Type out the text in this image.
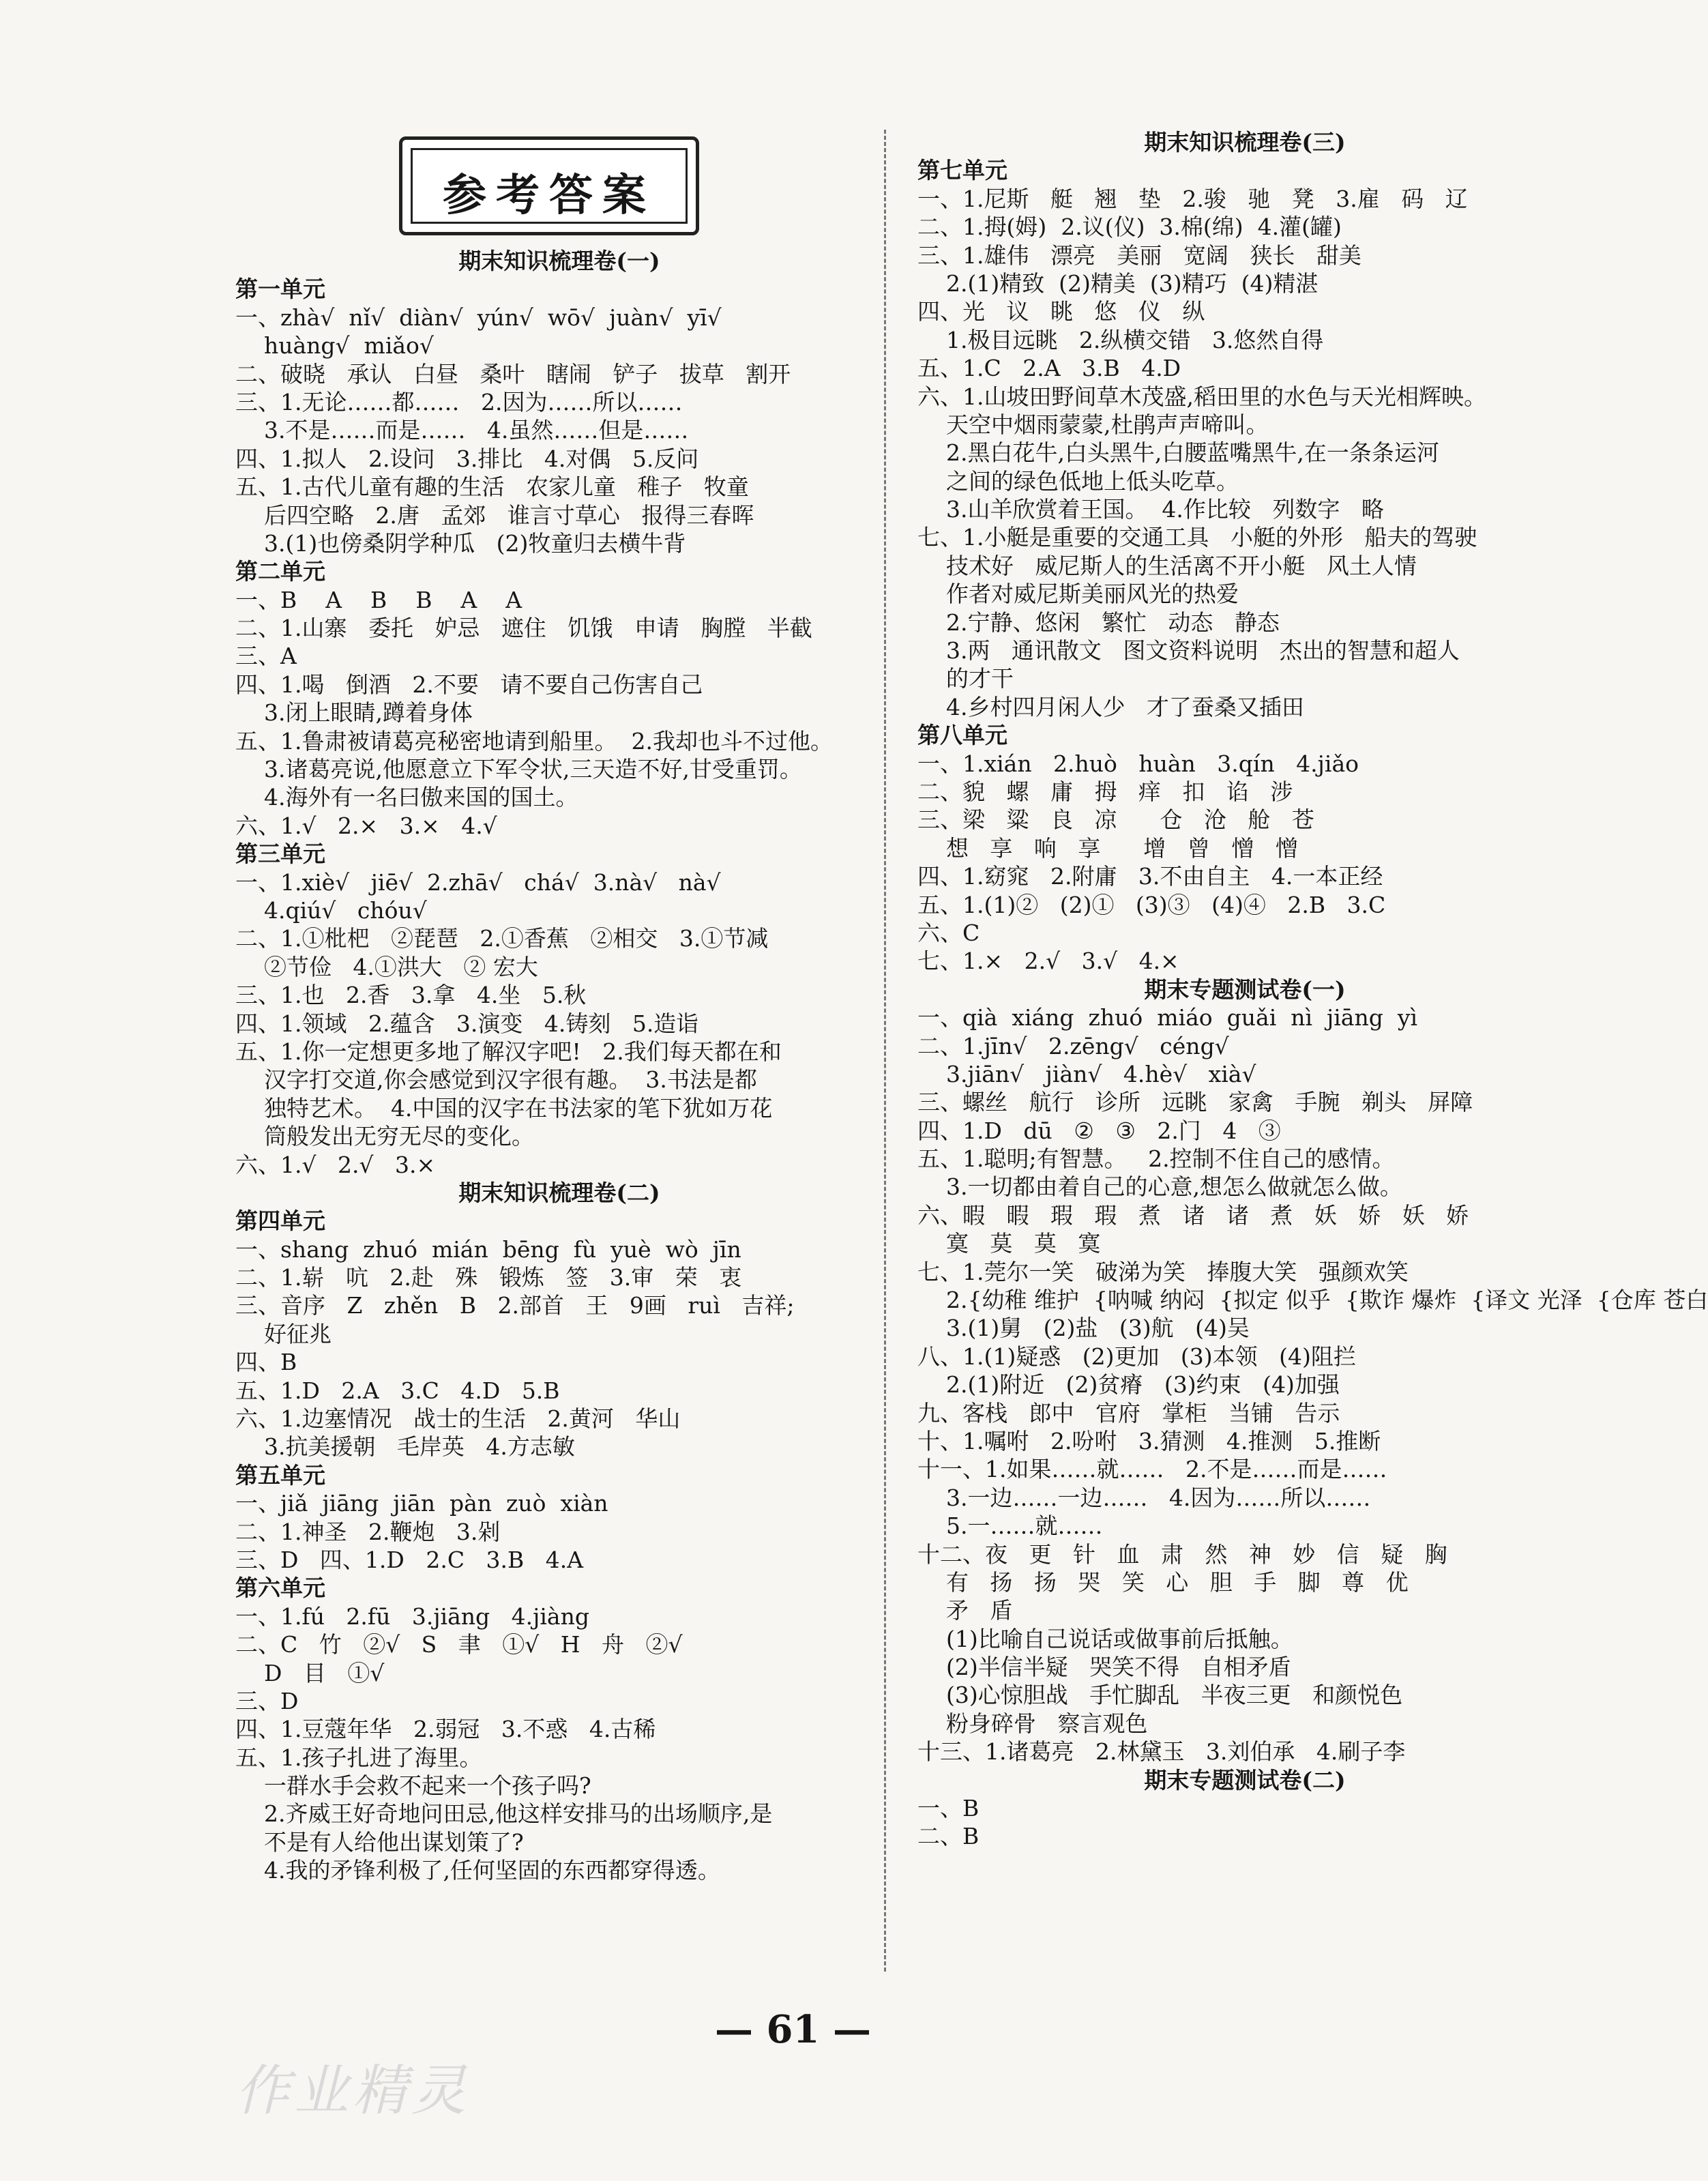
参考答案
期末知识梳理卷(一)
第一单元
一、zhà√  nǐ√  diàn√  yún√  wō√  juàn√  yī√
huàng√  miǎo√
二、破晓   承认   白昼   桑叶   瞎闹   铲子   拔草   割开
三、1.无论……都……   2.因为……所以……
3.不是……而是……   4.虽然……但是……
四、1.拟人   2.设问   3.排比   4.对偶   5.反问
五、1.古代儿童有趣的生活   农家儿童   稚子   牧童
后四空略   2.唐   孟郊   谁言寸草心   报得三春晖
3.(1)也傍桑阴学种瓜   (2)牧童归去横牛背
第二单元
一、B    A    B    B    A    A
二、1.山寨   委托   妒忌   遮住   饥饿   申请   胸膛   半截
三、A
四、1.喝   倒酒   2.不要   请不要自己伤害自己
3.闭上眼睛,蹲着身体
五、1.鲁肃被请葛亮秘密地请到船里。  2.我却也斗不过他。
3.诸葛亮说,他愿意立下军令状,三天造不好,甘受重罚。
4.海外有一名曰傲来国的国土。
六、1.√   2.×   3.×   4.√
第三单元
一、1.xiè√   jiē√  2.zhā√   chá√  3.nà√   nà√
4.qiú√   chóu√
二、1.①枇杷   ②琵琶   2.①香蕉   ②相交   3.①节减
②节俭   4.①洪大   ② 宏大
三、1.也   2.香   3.拿   4.坐   5.秋
四、1.领域   2.蕴含   3.演变   4.铸刻   5.造诣
五、1.你一定想更多地了解汉字吧!   2.我们每天都在和
汉字打交道,你会感觉到汉字很有趣。  3.书法是都
独特艺术。  4.中国的汉字在书法家的笔下犹如万花
筒般发出无穷无尽的变化。
六、1.√   2.√   3.×
期末知识梳理卷(二)
第四单元
一、shang  zhuó  mián  bēng  fù  yuè  wò  jīn
二、1.崭   吭   2.赴   殊   锻炼   签   3.审   荣   衷
三、音序   Z   zhěn   B   2.部首   王   9画   ruì   吉祥;
好征兆
四、B
五、1.D   2.A   3.C   4.D   5.B
六、1.边塞情况   战士的生活   2.黄河   华山
3.抗美援朝   毛岸英   4.方志敏
第五单元
一、jiǎ  jiāng  jiān  pàn  zuò  xiàn
二、1.神圣   2.鞭炮   3.剁
三、D   四、1.D   2.C   3.B   4.A
第六单元
一、1.fú   2.fū   3.jiāng   4.jiàng
二、C   竹   ②√   S   聿   ①√   H   舟   ②√
D   目   ①√
三、D
四、1.豆蔻年华   2.弱冠   3.不惑   4.古稀
五、1.孩子扎进了海里。
一群水手会救不起来一个孩子吗?
2.齐威王好奇地问田忌,他这样安排马的出场顺序,是
不是有人给他出谋划策了?
4.我的矛锋利极了,任何坚固的东西都穿得透。
期末知识梳理卷(三)
第七单元
一、1.尼斯   艇   翘   垫   2.骏   驰   凳   3.雇   码   辽
二、1.拇(姆)  2.议(仪)  3.棉(绵)  4.灌(罐)
三、1.雄伟   漂亮   美丽   宽阔   狭长   甜美
2.(1)精致  (2)精美  (3)精巧  (4)精湛
四、光   议   眺   悠   仪   纵
1.极目远眺   2.纵横交错   3.悠然自得
五、1.C   2.A   3.B   4.D
六、1.山坡田野间草木茂盛,稻田里的水色与天光相辉映。
天空中烟雨蒙蒙,杜鹃声声啼叫。
2.黑白花牛,白头黑牛,白腰蓝嘴黑牛,在一条条运河
之间的绿色低地上低头吃草。
3.山羊欣赏着王国。  4.作比较   列数字   略
七、1.小艇是重要的交通工具   小艇的外形   船夫的驾驶
技术好   威尼斯人的生活离不开小艇   风土人情
作者对威尼斯美丽风光的热爱
2.宁静、悠闲   繁忙   动态   静态
3.两   通讯散文   图文资料说明   杰出的智慧和超人
的才干
4.乡村四月闲人少   才了蚕桑又插田
第八单元
一、1.xián   2.huò   huàn   3.qín   4.jiǎo
二、貌   螺   庸   拇   痒   扣   谄   涉
三、梁   粱   良   凉      仓   沧   舱   苍
想   享   响   享      增   曾   憎   憎
四、1.窈窕   2.附庸   3.不由自主   4.一本正经
五、1.(1)②   (2)①   (3)③   (4)④   2.B   3.C
六、C
七、1.×   2.√   3.√   4.×
期末专题测试卷(一)
一、qià  xiáng  zhuó  miáo  guǎi  nì  jiāng  yì
二、1.jīn√   2.zēng√   céng√
3.jiān√   jiàn√   4.hè√   xià√
三、螺丝   航行   诊所   远眺   家禽   手腕   剃头   屏障
四、1.D   dū   ②   ③   2.门   4   ③
五、1.聪明;有智慧。   2.控制不住自己的感情。
3.一切都由着自己的心意,想怎么做就怎么做。
六、暇   暇   瑕   瑕   煮   诸   诸   煮   妖   娇   妖   娇
寞   莫   莫   寞
七、1.莞尔一笑   破涕为笑   捧腹大笑   强颜欢笑
2.{幼稚 维护  {呐喊 纳闷  {拟定 似乎  {欺诈 爆炸  {译文 光泽  {仓库 苍白
3.(1)舅   (2)盐   (3)航   (4)吴
八、1.(1)疑惑   (2)更加   (3)本领   (4)阻拦
2.(1)附近   (2)贫瘠   (3)约束   (4)加强
九、客栈   郎中   官府   掌柜   当铺   告示
十、1.嘱咐   2.吩咐   3.猜测   4.推测   5.推断
十一、1.如果……就……   2.不是……而是……
3.一边……一边……   4.因为……所以……
5.一……就……
十二、夜   更   针   血   肃   然   神   妙   信   疑   胸
有   扬   扬   哭   笑   心   胆   手   脚   尊   优
矛   盾
(1)比喻自己说话或做事前后抵触。
(2)半信半疑   哭笑不得   自相矛盾
(3)心惊胆战   手忙脚乱   半夜三更   和颜悦色
粉身碎骨   察言观色
十三、1.诸葛亮   2.林黛玉   3.刘伯承   4.刷子李
期末专题测试卷(二)
一、B
二、B
— 61 —
作业精灵
